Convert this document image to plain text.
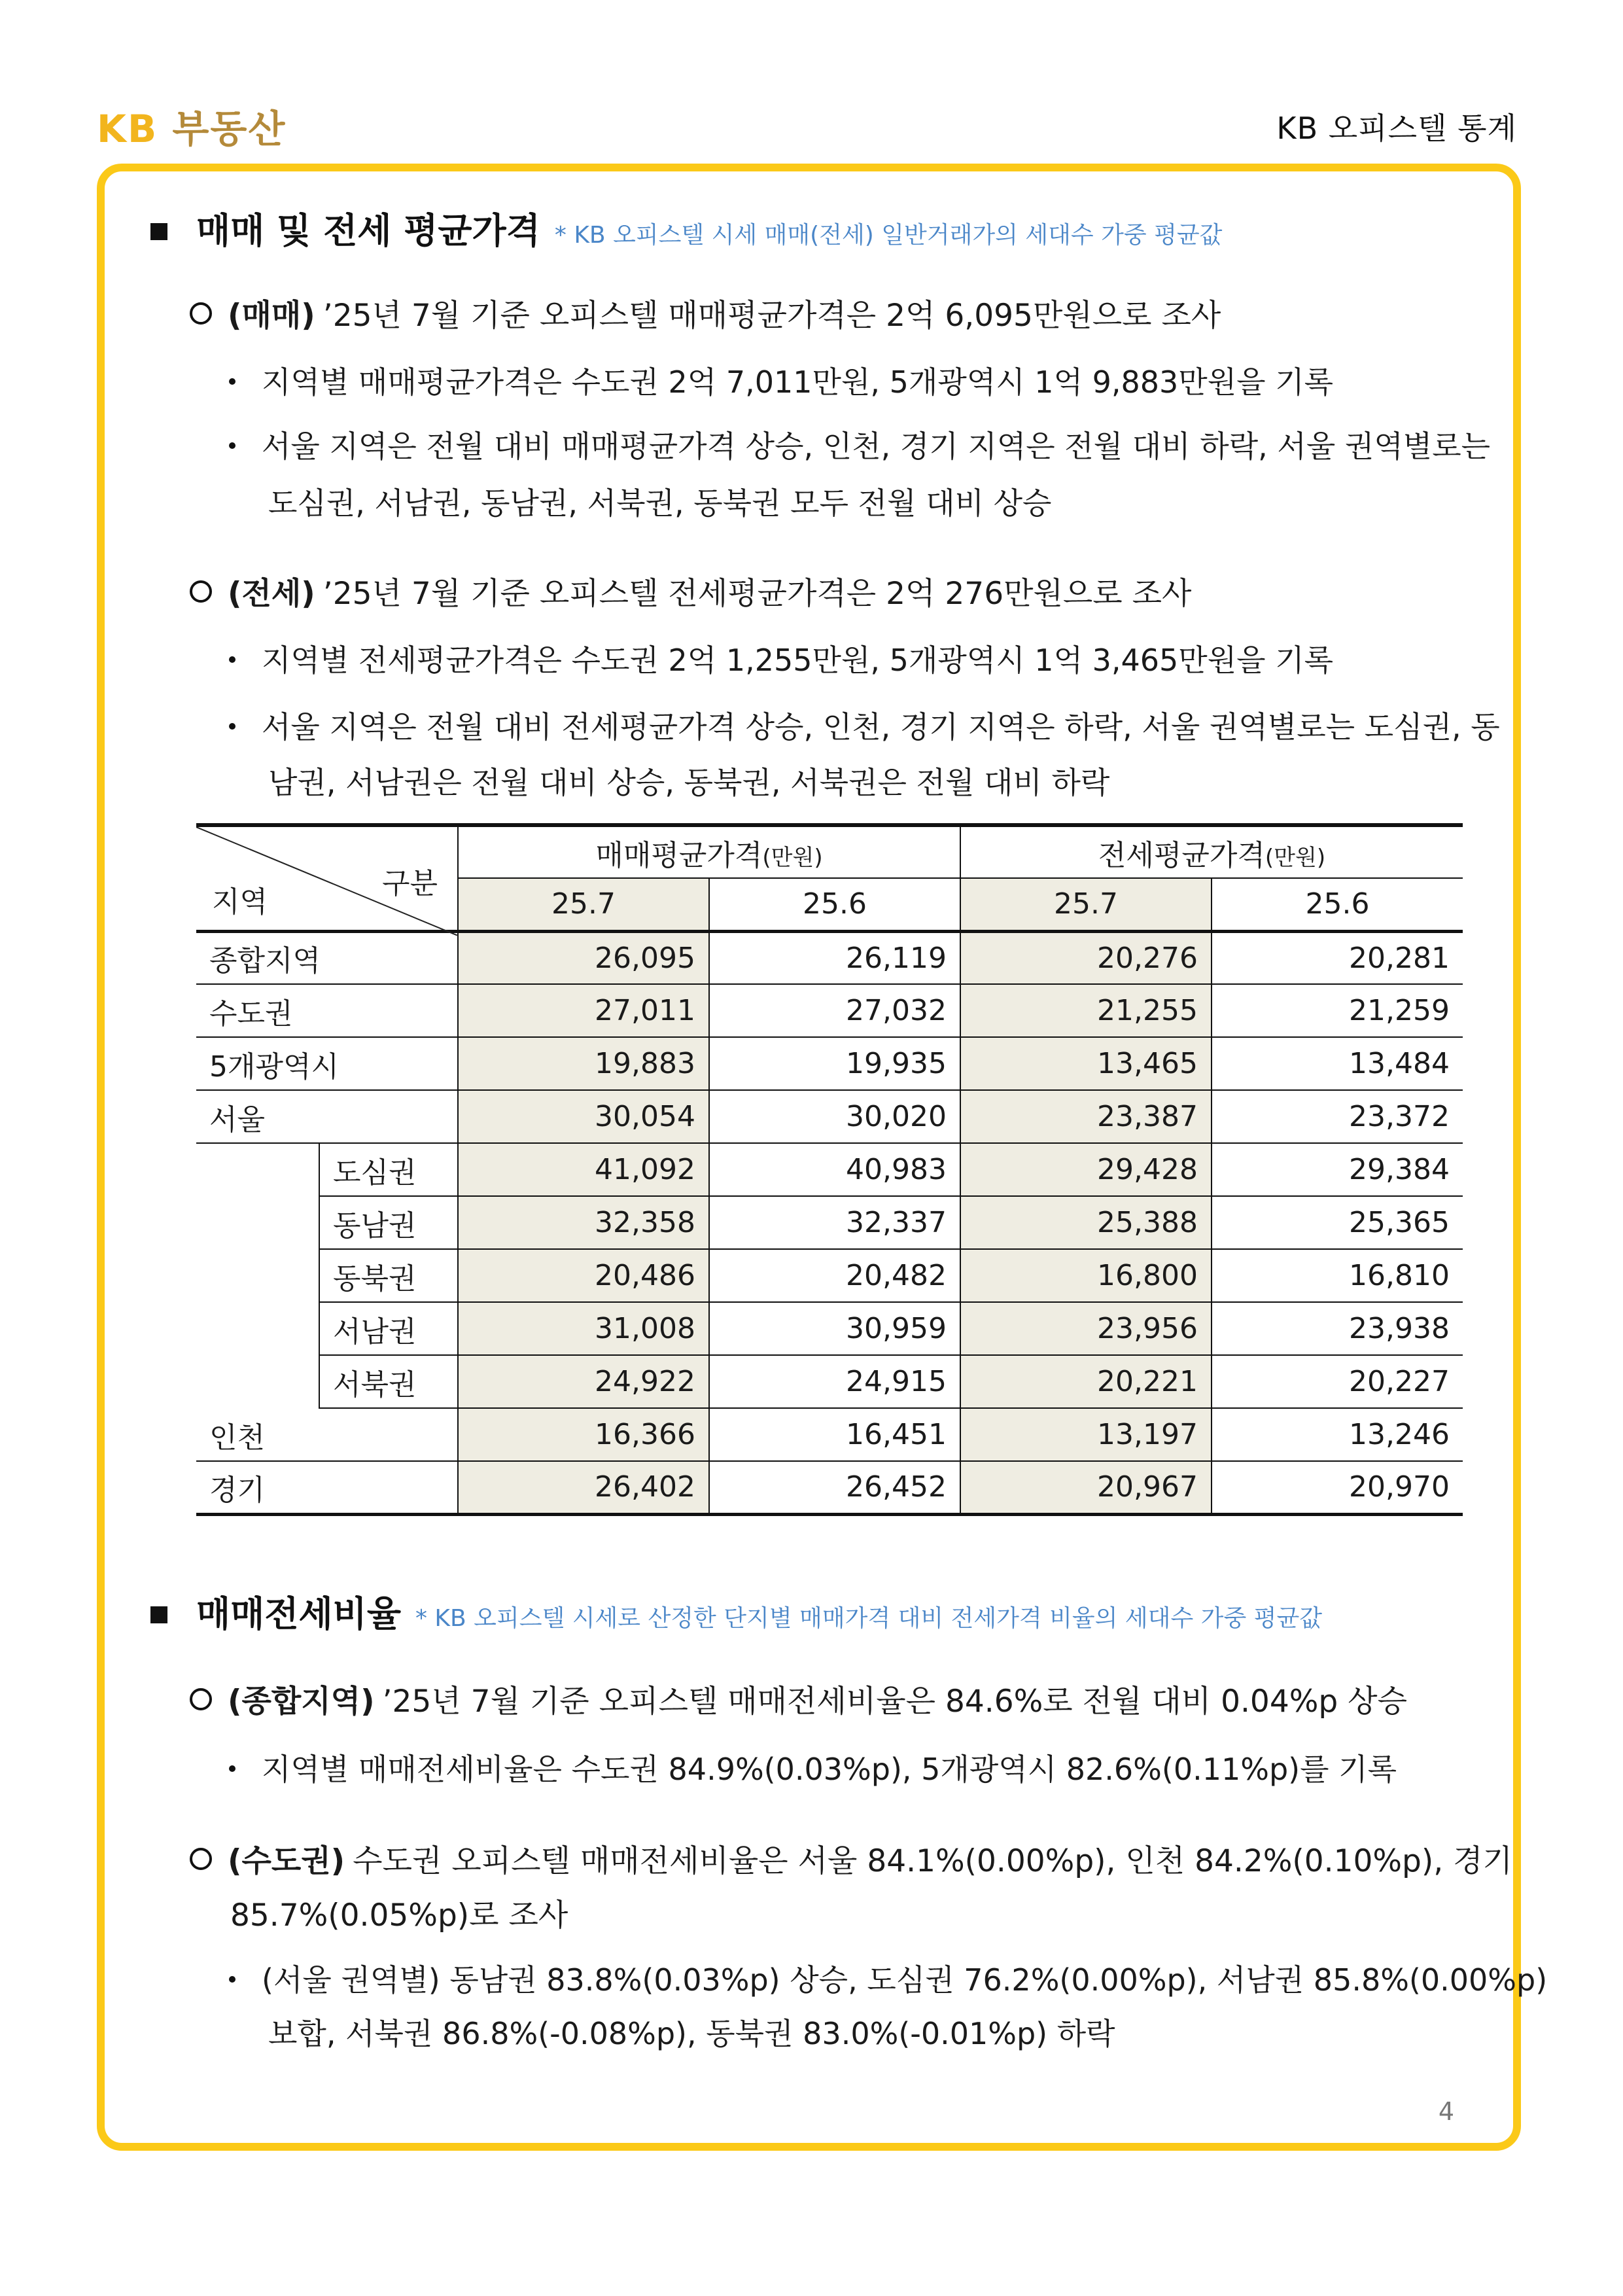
KB 부동산	KB 오피스텔 통계
매매 및 전세 평균가격 * KB 오피스텔 시세 매매(전세) 일반거래가의 세대수 가중 평균값
(매매) ’25년 7월 기준 오피스텔 매매평균가격은 2억 6,095만원으로 조사
지역별 매매평균가격은 수도권 2억 7,011만원, 5개광역시 1억 9,883만원을 기록
서울 지역은 전월 대비 매매평균가격 상승, 인천, 경기 지역은 전월 대비 하락, 서울 권역별로는
도심권, 서남권, 동남권, 서북권, 동북권 모두 전월 대비 상승
(전세) ’25년 7월 기준 오피스텔 전세평균가격은 2억 276만원으로 조사
지역별 전세평균가격은 수도권 2억 1,255만원, 5개광역시 1억 3,465만원을 기록
서울 지역은 전월 대비 전세평균가격 상승, 인천, 경기 지역은 하락, 서울 권역별로는 도심권, 동
남권, 서남권은 전월 대비 상승, 동북권, 서북권은 전월 대비 하락
지역
구분		매매평균가격(만원)		전세평균가격(만원)	
		25.7	25.6	25.7	25.6
종합지역		26,095	26,119	20,276	20,281
수도권		27,011	27,032	21,255	21,259
5개광역시		19,883	19,935	13,465	13,484
서울		30,054	30,020	23,387	23,372
	도심권	41,092	40,983	29,428	29,384
	동남권	32,358	32,337	25,388	25,365
	동북권	20,486	20,482	16,800	16,810
	서남권	31,008	30,959	23,956	23,938
	서북권	24,922	24,915	20,221	20,227
인천		16,366	16,451	13,197	13,246
경기		26,402	26,452	20,967	20,970
매매전세비율 * KB 오피스텔 시세로 산정한 단지별 매매가격 대비 전세가격 비율의 세대수 가중 평균값
(종합지역) ’25년 7월 기준 오피스텔 매매전세비율은 84.6%로 전월 대비 0.04%p 상승
지역별 매매전세비율은 수도권 84.9%(0.03%p), 5개광역시 82.6%(0.11%p)를 기록
(수도권) 수도권 오피스텔 매매전세비율은 서울 84.1%(0.00%p), 인천 84.2%(0.10%p), 경기
85.7%(0.05%p)로 조사
(서울 권역별) 동남권 83.8%(0.03%p) 상승, 도심권 76.2%(0.00%p), 서남권 85.8%(0.00%p)
보합, 서북권 86.8%(-0.08%p), 동북권 83.0%(-0.01%p) 하락
4
